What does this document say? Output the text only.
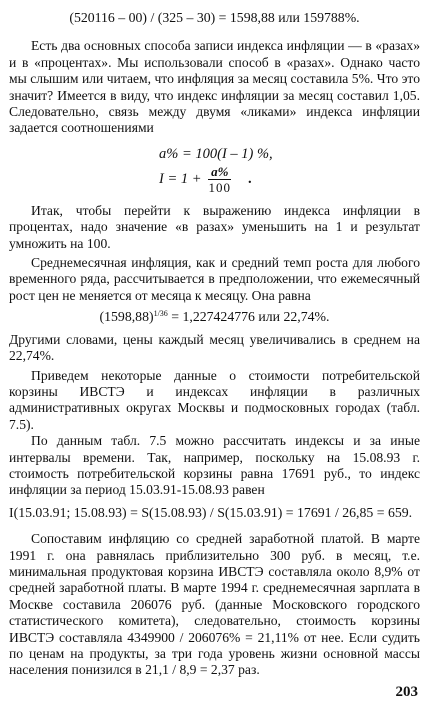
(520116 – 00) / (325 – 30) = 1598,88 или 159788%.

Есть два основных способа записи индекса инфляции — в «разах» и в «процентах». Мы использовали способ в «разах». Однако часто мы слышим или читаем, что инфляция за месяц составила 5%. Что это значит? Имеется в виду, что индекс инфляции за месяц составил 1,05. Следовательно, связь между двумя «ликами» индекса инфляции задается соотношениями

a% = 100(I – 1) %,
$I = 1 + \frac{a\%}{100}$ .

Итак, чтобы перейти к выражению индекса инфляции в процентах, надо значение «в разах» уменьшить на 1 и результат умножить на 100.

Среднемесячная инфляция, как и средний темп роста для любого временного ряда, рассчитывается в предположении, что ежемесячный рост цен не меняется от месяца к месяцу. Она равна

$(1598,88)^{1/36} = 1,227424776$ или 22,74%.

Другими словами, цены каждый месяц увеличивались в среднем на 22,74%.

Приведем некоторые данные о стоимости потребительской корзины ИВСТЭ и индексах инфляции в различных административных округах Москвы и подмосковных городах (табл. 7.5).

По данным табл. 7.5 можно рассчитать индексы и за иные интервалы времени. Так, например, поскольку на 15.08.93 г. стоимость потребительской корзины равна 17691 руб., то индекс инфляции за период 15.03.91-15.08.93 равен

I(15.03.91; 15.08.93) = S(15.08.93) / S(15.03.91) = 17691 / 26,85 = 659.

Сопоставим инфляцию со средней заработной платой. В марте 1991 г. она равнялась приблизительно 300 руб. в месяц, т.е. минимальная продуктовая корзина ИВСТЭ составляла около 8,9% от средней заработной платы. В марте 1994 г. среднемесячная зарплата в Москве составила 206076 руб. (данные Московского городского статистического комитета), следовательно, стоимость корзины ИВСТЭ составляла 4349900 / 206076% = 21,11% от нее. Если судить по ценам на продукты, за три года уровень жизни основной массы населения понизился в 21,1 / 8,9 = 2,37 раз.

203
